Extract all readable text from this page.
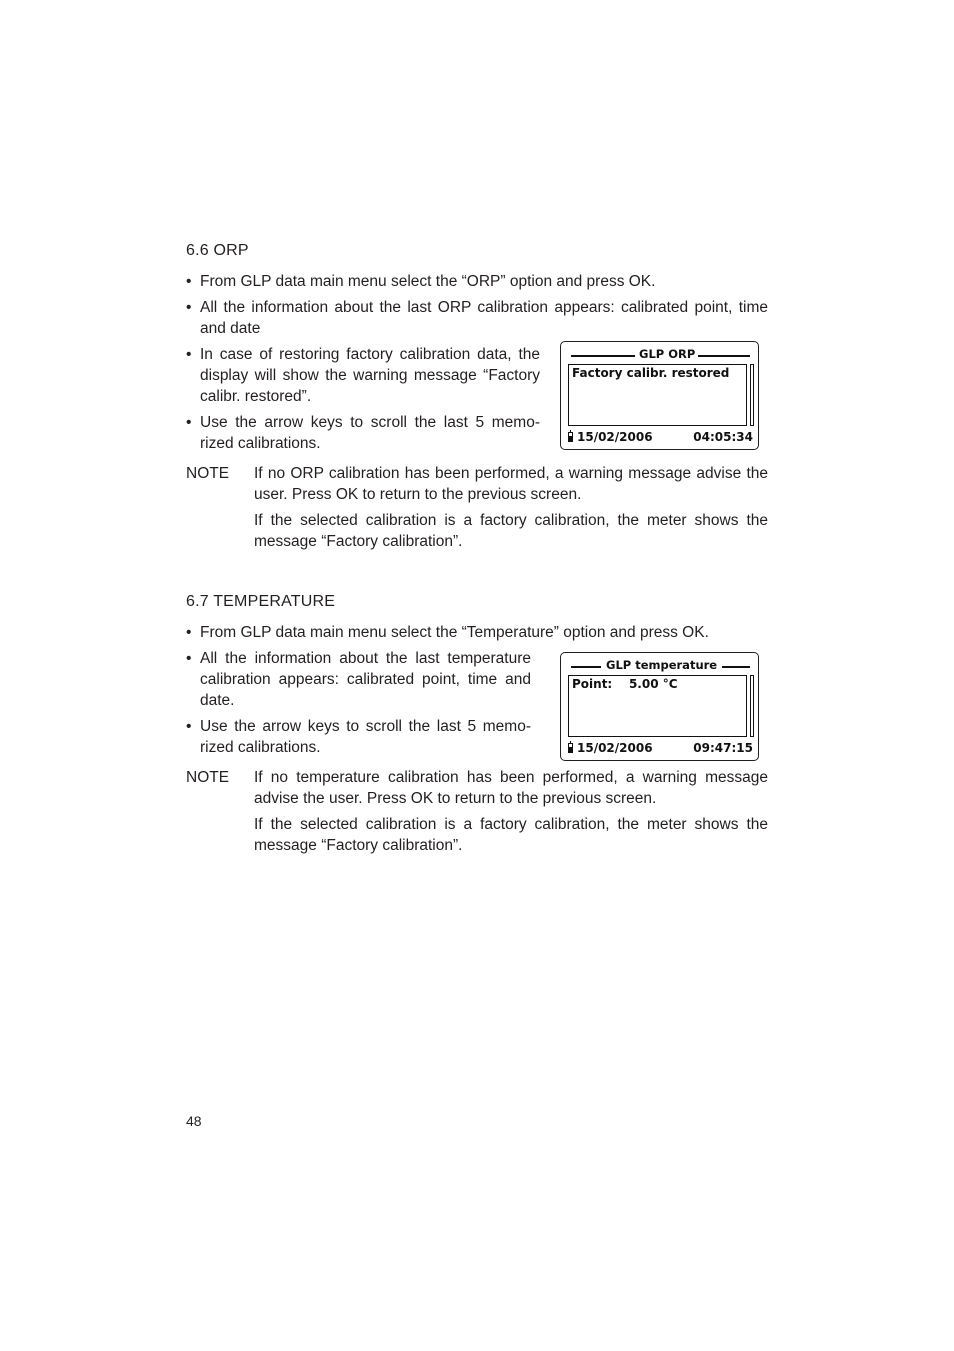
6.6 ORP
• From GLP data main menu select the “ORP” option and press OK.
• All the information about the last ORP calibration appears: calibrated point, time and date
• In case of restoring factory calibration data, the display will show the warning message “Factory calibr. restored”.
• Use the arrow keys to scroll the last 5 memo-rized calibrations.
GLP ORP
Factory calibr. restored
15/02/2006	04:05:34
NOTE If no ORP calibration has been performed, a warning message advise the user. Press OK to return to the previous screen.
If the selected calibration is a factory calibration, the meter shows the message “Factory calibration”.
6.7 TEMPERATURE
• From GLP data main menu select the “Temperature” option and press OK.
• All the information about the last temperature calibration appears: calibrated point, time and date.
• Use the arrow keys to scroll the last 5 memo-rized calibrations.
GLP temperature
Point:    5.00 °C
15/02/2006	09:47:15
NOTE If no temperature calibration has been performed, a warning message advise the user. Press OK to return to the previous screen.
If the selected calibration is a factory calibration, the meter shows the message “Factory calibration”.
48
